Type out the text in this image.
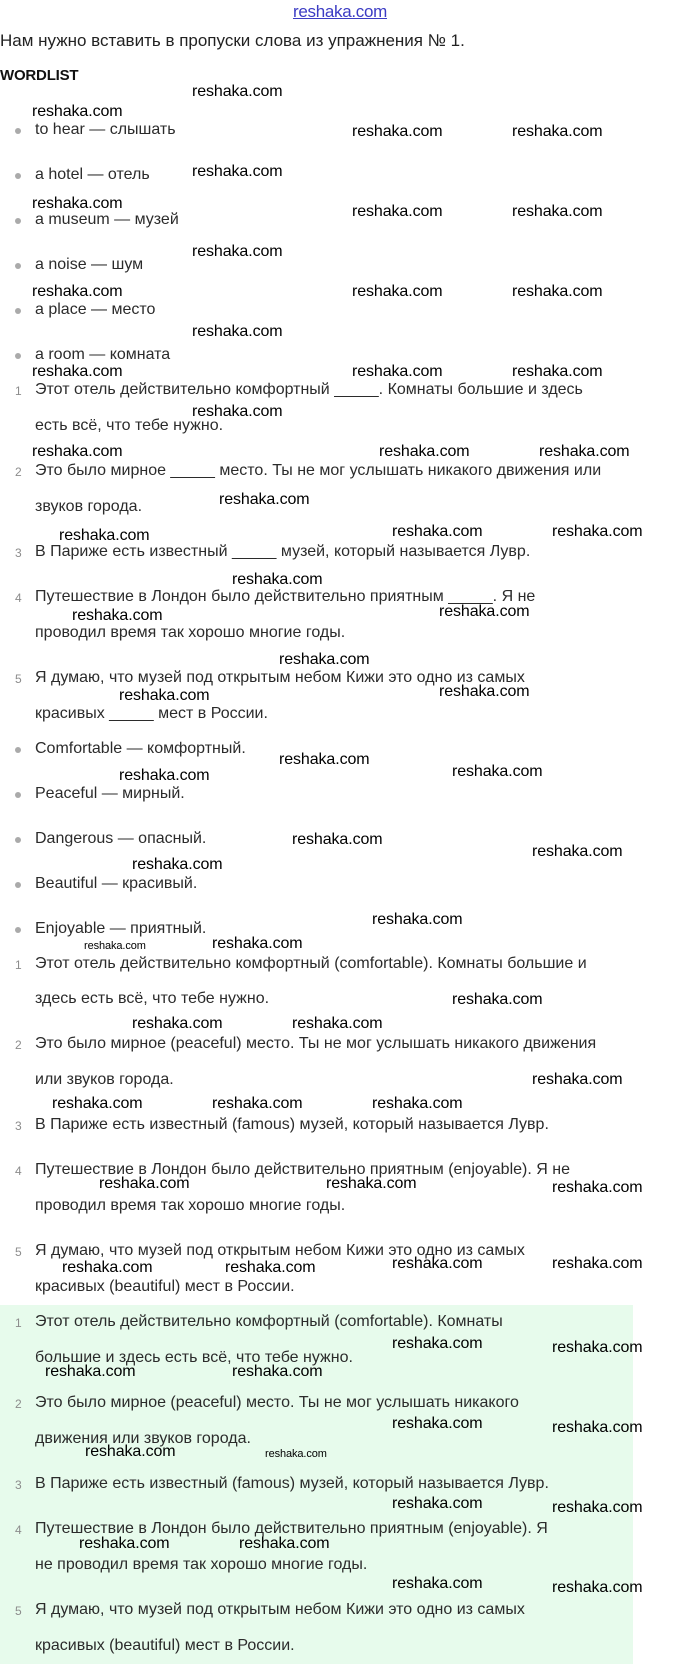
reshaka.com
Нам нужно вставить в пропуски слова из упражнения № 1.
WORDLIST
to hear — слышать
a hotel — отель
a museum — музей
a noise — шум
a place — место
a room — комната
1 Этот отель действительно комфортный _____. Комнаты большие и здесь
есть всё, что тебе нужно.
2 Это было мирное _____ место. Ты не мог услышать никакого движения или
звуков города.
3 В Париже есть известный _____ музей, который называется Лувр.
4 Путешествие в Лондон было действительно приятным _____. Я не
проводил время так хорошо многие годы.
5 Я думаю, что музей под открытым небом Кижи это одно из самых
красивых _____ мест в России.
Comfortable — комфортный.
Peaceful — мирный.
Dangerous — опасный.
Beautiful — красивый.
Enjoyable — приятный.
1 Этот отель действительно комфортный (comfortable). Комнаты большие и
здесь есть всё, что тебе нужно.
2 Это было мирное (peaceful) место. Ты не мог услышать никакого движения
или звуков города.
3 В Париже есть известный (famous) музей, который называется Лувр.
4 Путешествие в Лондон было действительно приятным (enjoyable). Я не
проводил время так хорошо многие годы.
5 Я думаю, что музей под открытым небом Кижи это одно из самых
красивых (beautiful) мест в России.
1 Этот отель действительно комфортный (comfortable). Комнаты
большие и здесь есть всё, что тебе нужно.
2 Это было мирное (peaceful) место. Ты не мог услышать никакого
движения или звуков города.
3 В Париже есть известный (famous) музей, который называется Лувр.
4 Путешествие в Лондон было действительно приятным (enjoyable). Я
не проводил время так хорошо многие годы.
5 Я думаю, что музей под открытым небом Кижи это одно из самых
красивых (beautiful) мест в России.
reshaka.com
reshaka.com
reshaka.com	reshaka.com
reshaka.com
reshaka.com	reshaka.com	reshaka.com
reshaka.com
reshaka.com	reshaka.com	reshaka.com
reshaka.com
reshaka.com	reshaka.com	reshaka.com
reshaka.com
reshaka.com	reshaka.com	reshaka.com
reshaka.com
reshaka.com	reshaka.com	reshaka.com
reshaka.com
reshaka.com	reshaka.com
reshaka.com
reshaka.com	reshaka.com
reshaka.com
reshaka.com	reshaka.com
reshaka.com
reshaka.com
reshaka.com
reshaka.com
reshaka.com	reshaka.com
reshaka.com
reshaka.com	reshaka.com
reshaka.com
reshaka.com	reshaka.com	reshaka.com
reshaka.com	reshaka.com	reshaka.com
reshaka.com	reshaka.com	reshaka.com	reshaka.com
reshaka.com	reshaka.com
reshaka.com	reshaka.com
reshaka.com	reshaka.com
reshaka.com	reshaka.com
reshaka.com	reshaka.com
reshaka.com	reshaka.com
reshaka.com	reshaka.com
